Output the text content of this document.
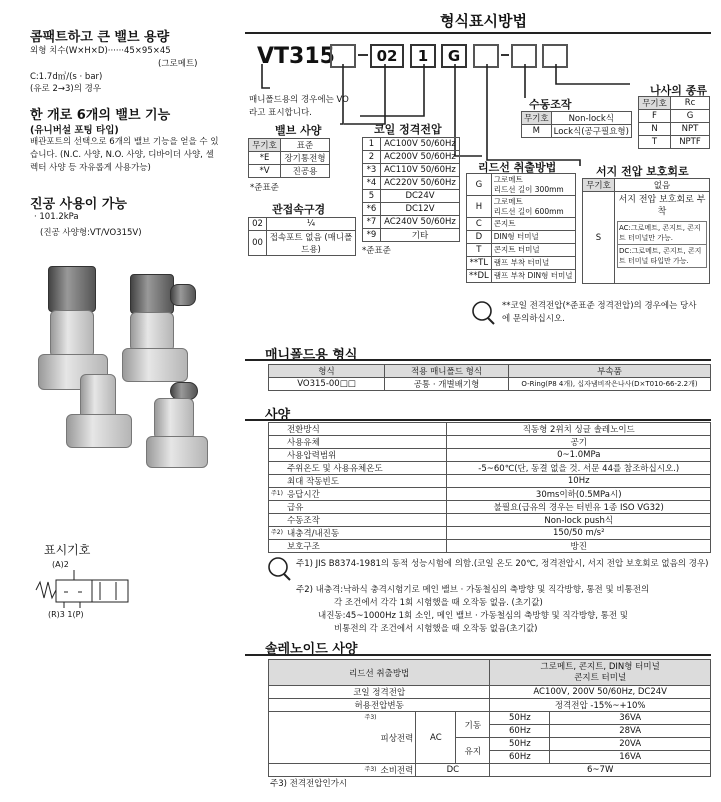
콤팩트하고 큰 밸브 용량
외형 치수(W×H×D)······45×95×45
(그로메트)
C:1.7d㎥/(s · bar)
(유로 2→3)의 경우
한 개로 6개의 밸브 기능
(유니버설 포팅 타입)
배관포트의 선택으로 6개의 밸브 기능을 얻을 수 있습니다. (N.C. 사양, N.O. 사양, 디바이더 사양, 셀렉터 사양 등 자유롭게 사용가능)
진공 사용이 가능
· 101.2kPa
(진공 사양형:VT/VO315V)
표시기호
(A)2
(R)3 1(P)
형식표시방법
VT315	02	1	G
매니폴드용의 경우에는 VO라고 표시합니다.
밸브 사양
무기호	표준
*E	장기통전형
*V	진공용
*준표준
관접속구경
02	¼
00	접속포트 없음 (매니폴드용)
코일 정격전압
1	AC100V 50/60Hz
2	AC200V 50/60Hz
*3	AC110V 50/60Hz
*4	AC220V 50/60Hz
5	DC24V
*6	DC12V
*7	AC240V 50/60Hz
*9	기타
*준표준
리드선 취출방법
G	그로메트
리드선 길이 300mm

H	그로메트
리드선 길이 600mm

C	콘지트

D	DIN형 터미널

T	콘지트 터미널

**TL	램프 부착 터미널

**DL	램프 부착 DIN형 터미널
수동조작
무기호	Non-lock식
M	Lock식(공구필요형)
나사의 종류
무기호	Rc
F	G
N	NPT
T	NPTF
서지 전압 보호회로
무기호	없음
S	서지 전압 보호회로 부착
AC:그로메트, 콘지트, 콘지트 터미널만 가능.
DC:그로메트, 콘지트, 콘지트 터미널 타입만 가능.
**코일 전격전압(*준표준 정격전압)의 경우에는 당사에 문의하십시오.
매니폴드용 형식
형식	적용 매니폴드 형식	부속품
VO315-00□□	공통 · 개별배기형	O-Ring(P8 4개), 십자냄비작은나사(D×T010-66-2.2개)
사양
	전환방식	직동형 2위치 싱글 솔레노이드
	사용유체	공기
	사용압력범위	0~1.0MPa
	주위온도 및 사용유체온도	-5~60℃(단, 동결 없을 것. 서문 44를 참조하십시오.)
	최대 작동빈도	10Hz
주1)	응답시간	30ms이하(0.5MPa시)
	급유	불필요(급유의 경우는 터빈유 1종 ISO VG32)
	수동조작	Non-lock push식
주2)	내충격/내진동	150/50 m/s²
	보호구조	방진
주1) JIS B8374-1981의 동적 성능시험에 의함.(코일 온도 20℃, 정격전압시, 서지 전압 보호회로 없음의 경우)
주2) 내충격:낙하식 충격시험기로 메인 밸브 · 가동철심의 축방향 및 직각방향, 통전 및 비통전의
각 조건에서 각각 1회 시험했을 때 오작동 없음. (초기값)
내진동:45~1000Hz 1회 소인, 메인 밸브 · 가동철심의 축방향 및 직각방향, 통전 및
비통전의 각 조건에서 시험했을 때 오작동 없음(초기값)
솔레노이드 사양
리드선 취출방법				그로메트, 콘지트, DIN형 터미널
콘지트 터미널	

코일 정격전압				AC100V, 200V 50/60Hz, DC24V	
허용전압변동				정격전압 -15%~+10%	
주3)	피상전력	AC	기동	50Hz	36VA
				60Hz	28VA
			유지	50Hz	20VA
				60Hz	16VA
주3)	소비전력	DC		6~7W	
주3) 전격전압인가시
